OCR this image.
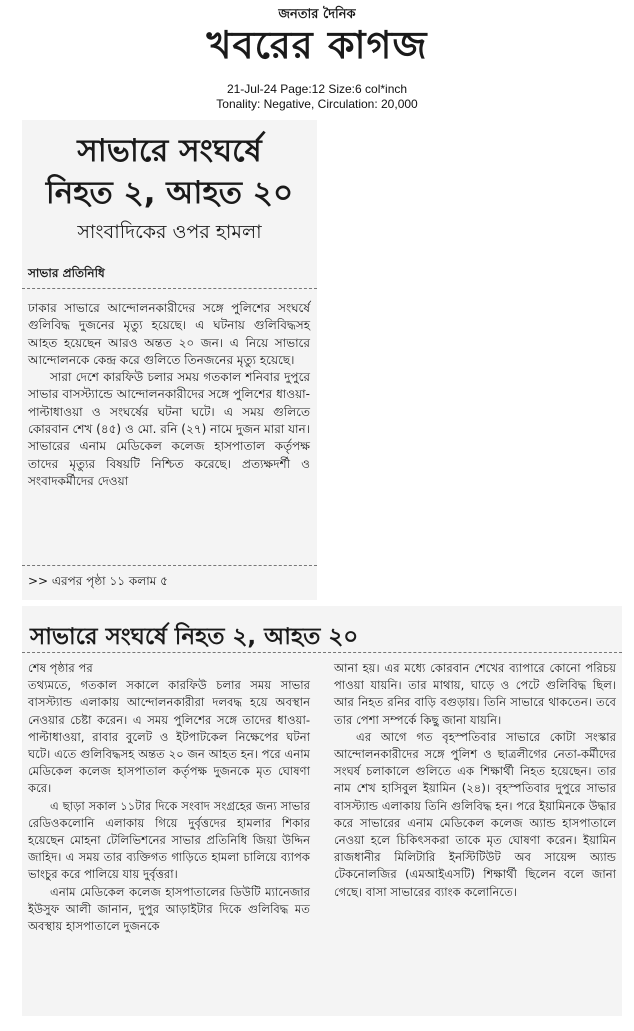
জনতার দৈনিক
খবরের কাগজ
21-Jul-24 Page:12 Size:6 col*inch
Tonality: Negative, Circulation: 20,000
সাভারে সংঘর্ষে
নিহত ২, আহত ২০
সাংবাদিকের ওপর হামলা
সাভার প্রতিনিধি

ঢাকার সাভারে আন্দোলনকারীদের সঙ্গে পুলিশের সংঘর্ষে গুলিবিদ্ধ দুজনের মৃত্যু হয়েছে। এ ঘটনায় গুলিবিদ্ধসহ আহত হয়েছেন আরও অন্তত ২০ জন। এ নিয়ে সাভারে আন্দোলনকে কেন্দ্র করে গুলিতে তিনজনের মৃত্যু হয়েছে।

সারা দেশে কারফিউ চলার সময় গতকাল শনিবার দুপুরে সাভার বাসস্ট্যান্ডে আন্দোলনকারীদের সঙ্গে পুলিশের ধাওয়া-পাল্টাধাওয়া ও সংঘর্ষের ঘটনা ঘটে। এ সময় গুলিতে কোরবান শেখ (৪৫) ও মো. রনি (২৭) নামে দুজন মারা যান। সাভারের এনাম মেডিকেল কলেজ হাসপাতাল কর্তৃপক্ষ তাদের মৃত্যুর বিষয়টি নিশ্চিত করেছে। প্রত্যক্ষদর্শী ও সংবাদকর্মীদের দেওয়া

>> এরপর পৃষ্ঠা ১১ কলাম ৫
সাভারে সংঘর্ষে নিহত ২, আহত ২০

শেষ পৃষ্ঠার পর

তথ্যমতে, গতকাল সকালে কারফিউ চলার সময় সাভার বাসস্ট্যান্ড এলাকায় আন্দোলনকারীরা দলবদ্ধ হয়ে অবস্থান নেওয়ার চেষ্টা করেন। এ সময় পুলিশের সঙ্গে তাদের ধাওয়া-পাল্টাধাওয়া, রাবার বুলেট ও ইটপাটকেল নিক্ষেপের ঘটনা ঘটে। এতে গুলিবিদ্ধসহ অন্তত ২০ জন আহত হন। পরে এনাম মেডিকেল কলেজ হাসপাতাল কর্তৃপক্ষ দুজনকে মৃত ঘোষণা করে।

এ ছাড়া সকাল ১১টার দিকে সংবাদ সংগ্রহের জন্য সাভার রেডিওকলোনি এলাকায় গিয়ে দুর্বৃত্তদের হামলার শিকার হয়েছেন মোহনা টেলিভিশনের সাভার প্রতিনিধি জিয়া উদ্দিন জাহিদ। এ সময় তার ব্যক্তিগত গাড়িতে হামলা চালিয়ে ব্যাপক ভাংচুর করে পালিয়ে যায় দুর্বৃত্তরা।

এনাম মেডিকেল কলেজ হাসপাতালের ডিউটি ম্যানেজার ইউসুফ আলী জানান, দুপুর আড়াইটার দিকে গুলিবিদ্ধ মত অবস্থায় হাসপাতালে দুজনকে

আনা হয়। এর মধ্যে কোরবান শেখের ব্যাপারে কোনো পরিচয় পাওয়া যায়নি। তার মাথায়, ঘাড়ে ও পেটে গুলিবিদ্ধ ছিল। আর নিহত রনির বাড়ি বগুড়ায়। তিনি সাভারে থাকতেন। তবে তার পেশা সম্পর্কে কিছু জানা যায়নি।

এর আগে গত বৃহস্পতিবার সাভারে কোটা সংস্কার আন্দোলনকারীদের সঙ্গে পুলিশ ও ছাত্রলীগের নেতা-কর্মীদের সংঘর্ষ চলাকালে গুলিতে এক শিক্ষার্থী নিহত হয়েছেন। তার নাম শেখ হাসিবুল ইয়ামিন (২৪)। বৃহস্পতিবার দুপুরে সাভার বাসস্ট্যান্ড এলাকায় তিনি গুলিবিদ্ধ হন। পরে ইয়ামিনকে উদ্ধার করে সাভারের এনাম মেডিকেল কলেজ অ্যান্ড হাসপাতালে নেওয়া হলে চিকিৎসকরা তাকে মৃত ঘোষণা করেন। ইয়ামিন রাজধানীর মিলিটারি ইনস্টিটিউট অব সায়েন্স অ্যান্ড টেকনোলজির (এমআইএসটি) শিক্ষার্থী ছিলেন বলে জানা গেছে। বাসা সাভারের ব্যাংক কলোনিতে।
